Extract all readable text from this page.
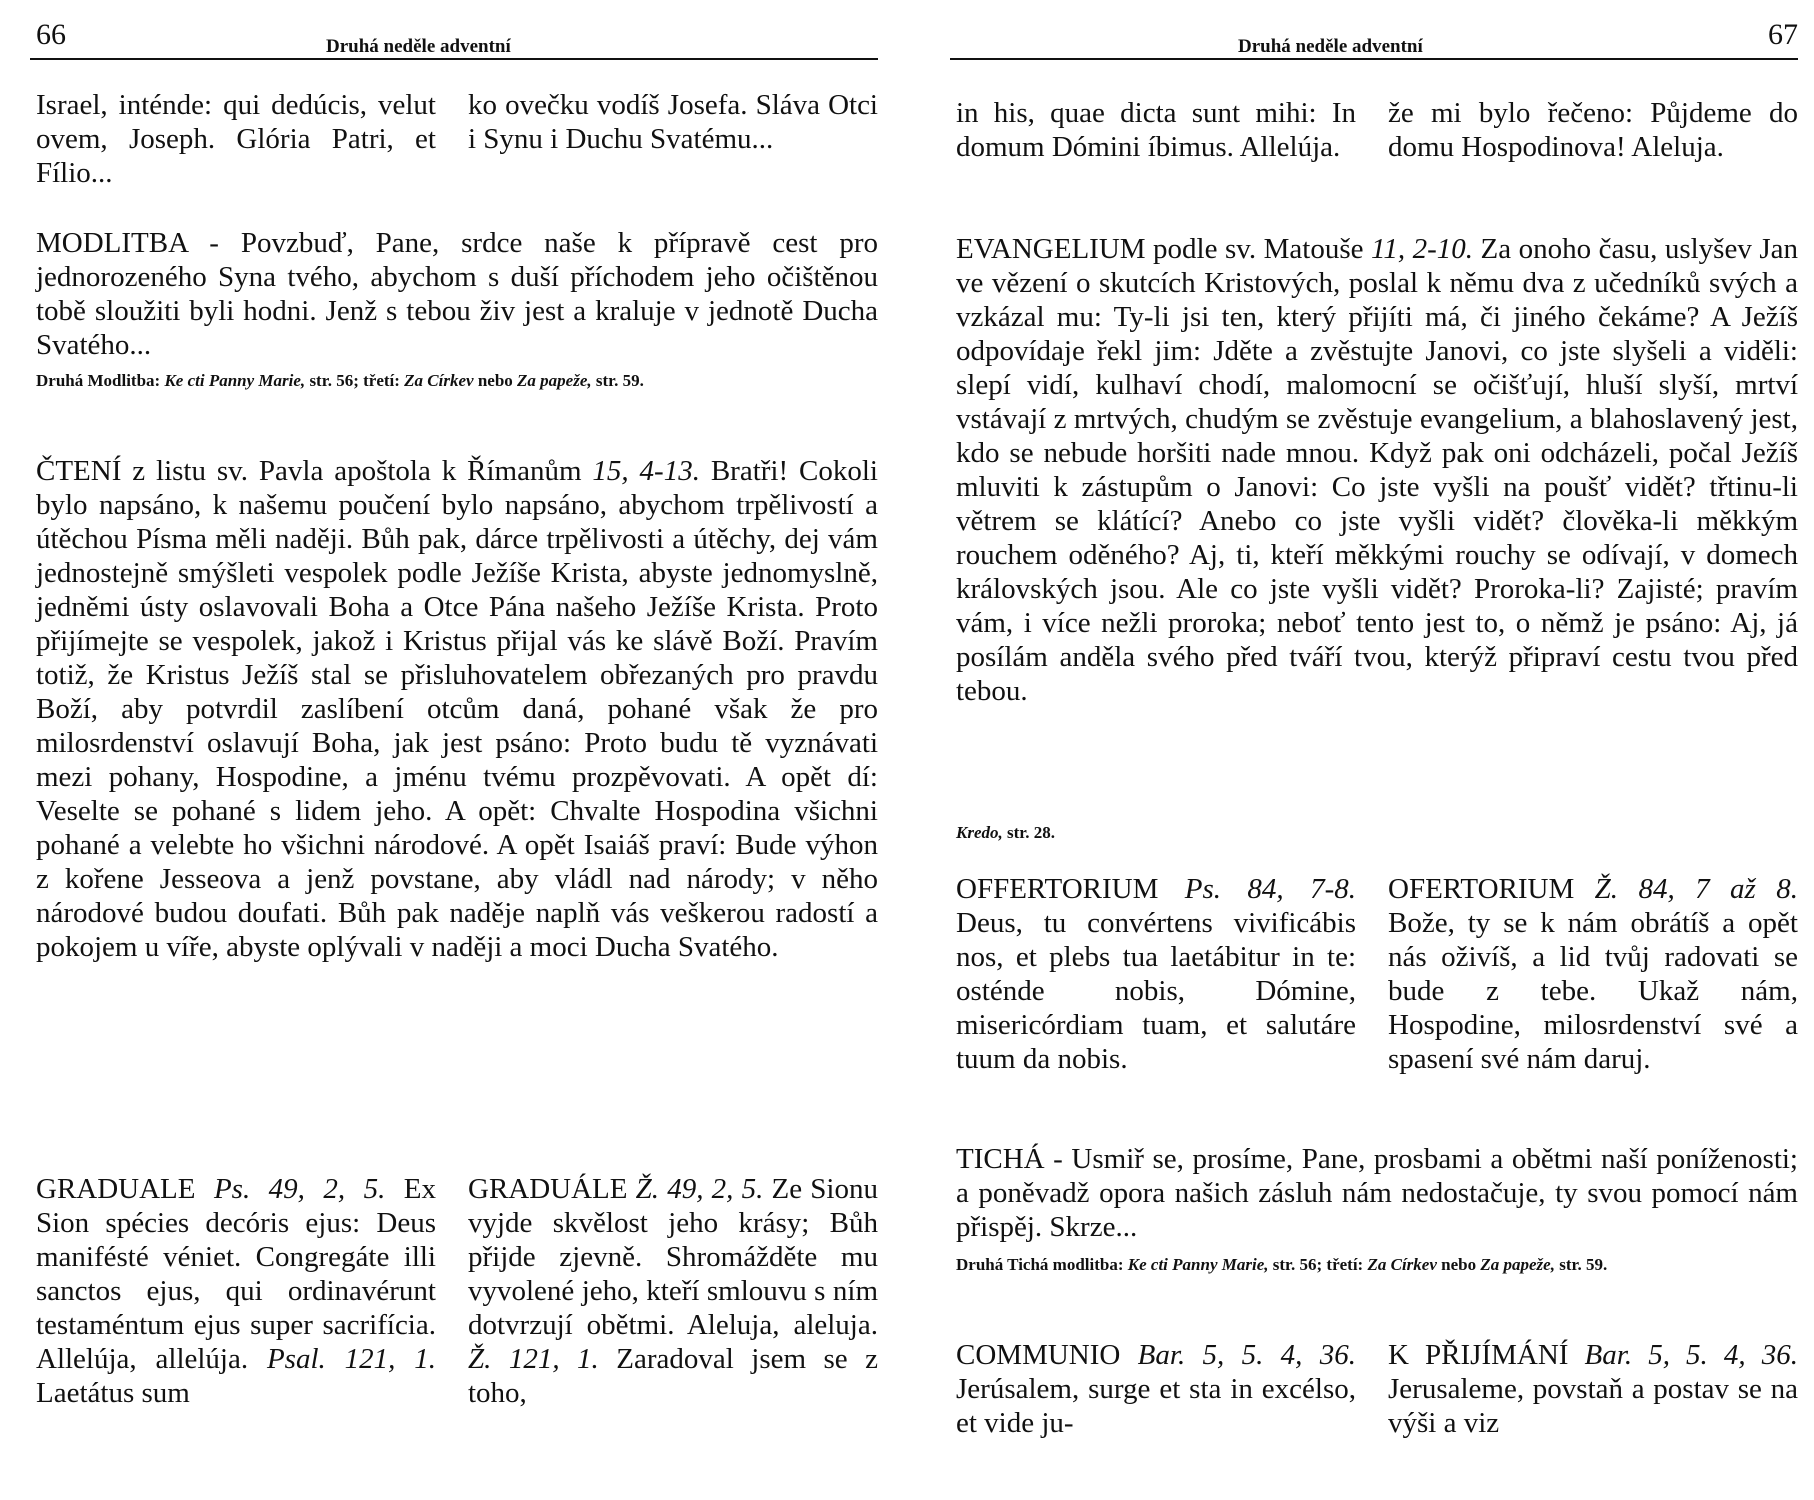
66	Druhá neděle adventní
Israel, inténde: qui dedúcis, velut ovem, Joseph. Glória Patri, et Fílio...
ko ovečku vodíš Josefa. Sláva Otci i Synu i Duchu Svatému...
MODLITBA - Povzbuď, Pane, srdce naše k přípravě cest pro jednorozeného Syna tvého, abychom s duší příchodem jeho očištěnou tobě sloužiti byli hodni. Jenž s tebou živ jest a kraluje v jednotě Ducha Svatého...
Druhá Modlitba: Ke cti Panny Marie, str. 56; třetí: Za Církev nebo Za papeže, str. 59.
ČTENÍ z listu sv. Pavla apoštola k Římanům 15, 4-13. Bratři! Cokoli bylo napsáno, k našemu poučení bylo napsáno, abychom trpělivostí a útěchou Písma měli naději. Bůh pak, dárce trpělivosti a útěchy, dej vám jednostejně smýšleti vespolek podle Ježíše Krista, abyste jednomyslně, jedněmi ústy oslavovali Boha a Otce Pána našeho Ježíše Krista. Proto přijímejte se vespolek, jakož i Kristus přijal vás ke slávě Boží. Pravím totiž, že Kristus Ježíš stal se přisluhovatelem obřezaných pro pravdu Boží, aby potvrdil zaslíbení otcům daná, pohané však že pro milosrdenství oslavují Boha, jak jest psáno: Proto budu tě vyznávati mezi pohany, Hospodine, a jménu tvému prozpěvovati. A opět dí: Veselte se pohané s lidem jeho. A opět: Chvalte Hospodina všichni pohané a velebte ho všichni národové. A opět Isaiáš praví: Bude výhon z kořene Jesseova a jenž povstane, aby vládl nad národy; v něho národové budou doufati. Bůh pak naděje naplň vás veškerou radostí a pokojem u víře, abyste oplývali v naději a moci Ducha Svatého.
GRADUALE Ps. 49, 2, 5. Ex Sion spécies decóris ejus: Deus manifésté véniet. Congregáte illi sanctos ejus, qui ordinavérunt testaméntum ejus super sacrifícia. Allelúja, allelúja. Psal. 121, 1. Laetátus sum
GRADUÁLE Ž. 49, 2, 5. Ze Sionu vyjde skvělost jeho krásy; Bůh přijde zjevně. Shromážděte mu vyvolené jeho, kteří smlouvu s ním dotvrzují obětmi. Aleluja, aleluja. Ž. 121, 1. Zaradoval jsem se z toho,
Druhá neděle adventní	67
in his, quae dicta sunt mihi: In domum Dómini íbimus. Allelúja.
že mi bylo řečeno: Půjdeme do domu Hospodinova! Aleluja.
EVANGELIUM podle sv. Matouše 11, 2-10. Za onoho času, uslyšev Jan ve vězení o skutcích Kristových, poslal k němu dva z učedníků svých a vzkázal mu: Ty-li jsi ten, který přijíti má, či jiného čekáme? A Ježíš odpovídaje řekl jim: Jděte a zvěstujte Janovi, co jste slyšeli a viděli: slepí vidí, kulhaví chodí, malomocní se očišťují, hluší slyší, mrtví vstávají z mrtvých, chudým se zvěstuje evangelium, a blahoslavený jest, kdo se nebude horšiti nade mnou. Když pak oni odcházeli, počal Ježíš mluviti k zástupům o Janovi: Co jste vyšli na poušť vidět? třtinu-li větrem se klátící? Anebo co jste vyšli vidět? člověka-li měkkým rouchem oděného? Aj, ti, kteří měkkými rouchy se odívají, v domech královských jsou. Ale co jste vyšli vidět? Proroka-li? Zajisté; pravím vám, i více nežli proroka; neboť tento jest to, o němž je psáno: Aj, já posílám anděla svého před tváří tvou, kterýž připraví cestu tvou před tebou.
Kredo, str. 28.
OFFERTORIUM Ps. 84, 7-8. Deus, tu convértens vivificábis nos, et plebs tua laetábitur in te: osténde nobis, Dómine, misericórdiam tuam, et salutáre tuum da nobis.
OFERTORIUM Ž. 84, 7 až 8. Bože, ty se k nám obrátíš a opět nás oživíš, a lid tvůj radovati se bude z tebe. Ukaž nám, Hospodine, milosrdenství své a spasení své nám daruj.
TICHÁ - Usmiř se, prosíme, Pane, prosbami a obětmi naší poníženosti; a poněvadž opora našich zásluh nám nedostačuje, ty svou pomocí nám přispěj. Skrze...
Druhá Tichá modlitba: Ke cti Panny Marie, str. 56; třetí: Za Církev nebo Za papeže, str. 59.
COMMUNIO Bar. 5, 5. 4, 36. Jerúsalem, surge et sta in excélso, et vide ju-
K PŘIJÍMÁNÍ Bar. 5, 5. 4, 36. Jerusaleme, povstaň a postav se na výši a viz
